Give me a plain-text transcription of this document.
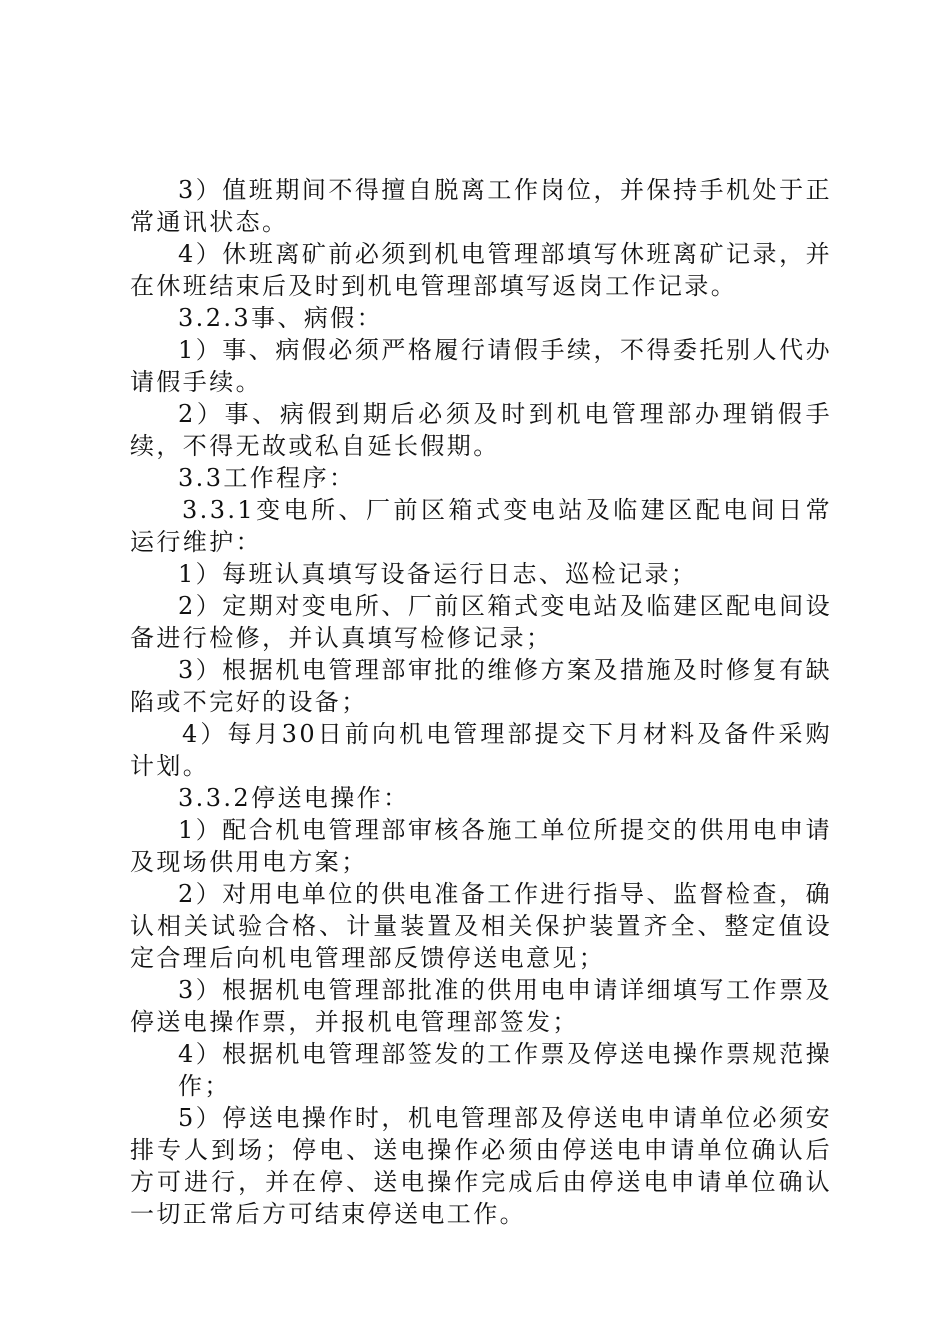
3）值班期间不得擅自脱离工作岗位，并保持手机处于正常通讯状态。

4）休班离矿前必须到机电管理部填写休班离矿记录，并在休班结束后及时到机电管理部填写返岗工作记录。

3.2.3事、病假：

1）事、病假必须严格履行请假手续，不得委托别人代办请假手续。

2）事、病假到期后必须及时到机电管理部办理销假手续，不得无故或私自延长假期。

3.3工作程序：

3.3.1变电所、厂前区箱式变电站及临建区配电间日常运行维护：

1）每班认真填写设备运行日志、巡检记录；

2）定期对变电所、厂前区箱式变电站及临建区配电间设备进行检修，并认真填写检修记录；

3）根据机电管理部审批的维修方案及措施及时修复有缺陷或不完好的设备；

4）每月30日前向机电管理部提交下月材料及备件采购计划。

3.3.2停送电操作：

1）配合机电管理部审核各施工单位所提交的供用电申请及现场供用电方案；

2）对用电单位的供电准备工作进行指导、监督检查，确认相关试验合格、计量装置及相关保护装置齐全、整定值设定合理后向机电管理部反馈停送电意见；

3）根据机电管理部批准的供用电申请详细填写工作票及停送电操作票，并报机电管理部签发；

4）根据机电管理部签发的工作票及停送电操作票规范操作；

5）停送电操作时，机电管理部及停送电申请单位必须安排专人到场；停电、送电操作必须由停送电申请单位确认后方可进行，并在停、送电操作完成后由停送电申请单位确认一切正常后方可结束停送电工作。
